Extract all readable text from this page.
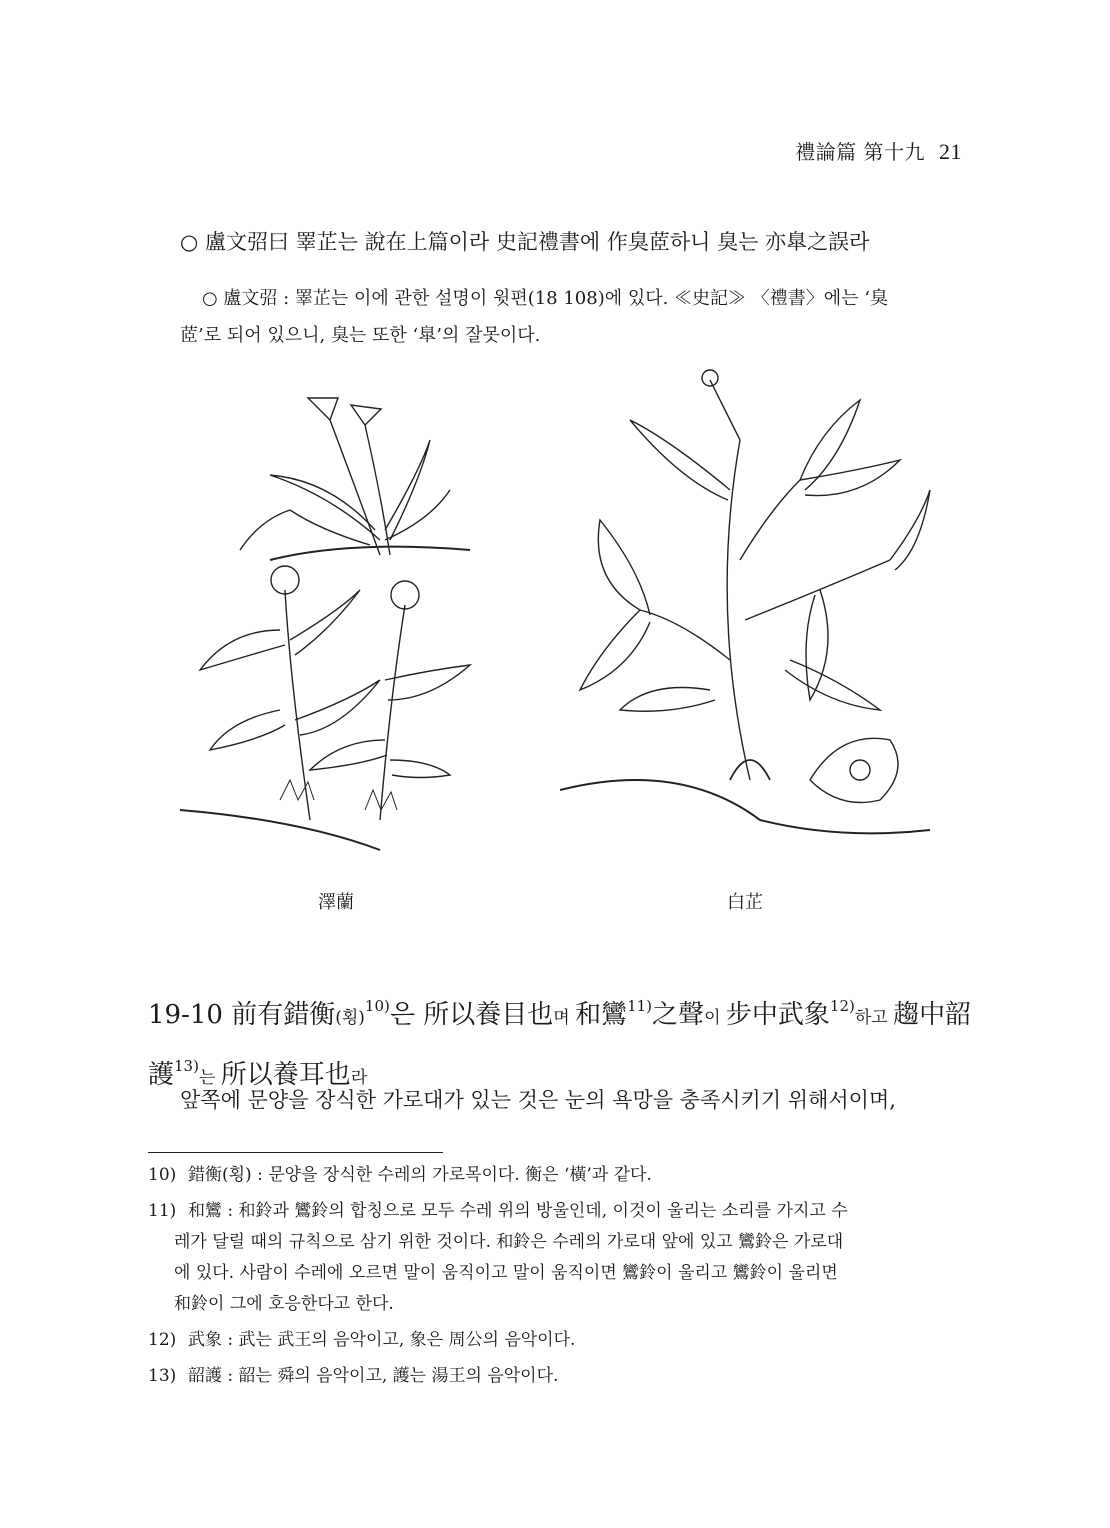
禮論篇 第十九 21
○ 盧文弨曰 睪芷는 說在上篇이라 史記禮書에 作臭茝하니 臭는 亦臯之誤라
○ 盧文弨 : 睪芷는 이에 관한 설명이 윗편(18 108)에 있다. ≪史記≫ 〈禮書〉에는 ‘臭
茝’로 되어 있으니, 臭는 또한 ‘臯’의 잘못이다.
澤蘭	白芷
19-10 前有錯衡(횡)$^{10)}$은 所以養目也며 和鸞$^{11)}$之聲이 步中武象$^{12)}$하고 趨中韶
護$^{13)}$는 所以養耳也라
앞쪽에 문양을 장식한 가로대가 있는 것은 눈의 욕망을 충족시키기 위해서이며,
10) 錯衡(횡) : 문양을 장식한 수레의 가로목이다. 衡은 ‘橫’과 같다.
11) 和鸞 : 和鈴과 鸞鈴의 합칭으로 모두 수레 위의 방울인데, 이것이 울리는 소리를 가지고 수
레가 달릴 때의 규칙으로 삼기 위한 것이다. 和鈴은 수레의 가로대 앞에 있고 鸞鈴은 가로대
에 있다. 사람이 수레에 오르면 말이 움직이고 말이 움직이면 鸞鈴이 울리고 鸞鈴이 울리면
和鈴이 그에 호응한다고 한다.
12) 武象 : 武는 武王의 음악이고, 象은 周公의 음악이다.
13) 韶護 : 韶는 舜의 음악이고, 護는 湯王의 음악이다.
